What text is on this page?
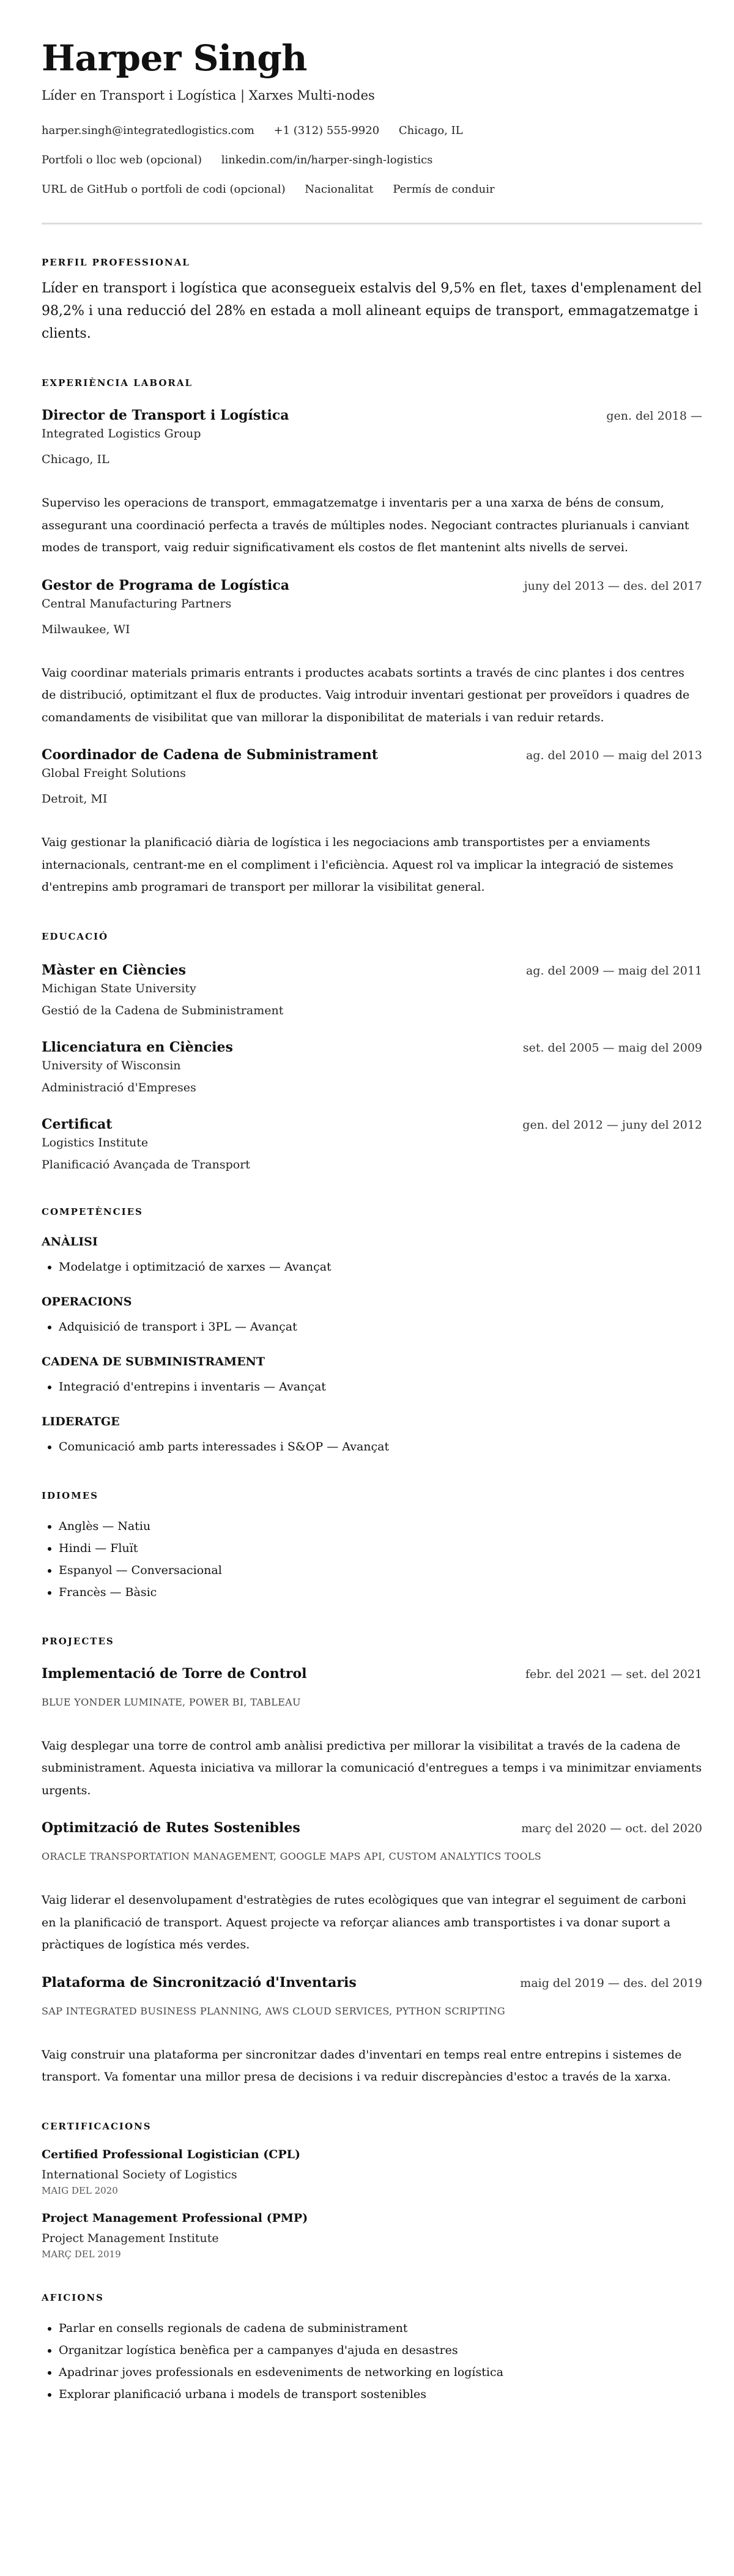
Harper Singh
Líder en Transport i Logística | Xarxes Multi-nodes
harper.singh@integratedlogistics.com +1 (312) 555-9920 Chicago, IL
Portfoli o lloc web (opcional) linkedin.com/in/harper-singh-logistics
URL de GitHub o portfoli de codi (opcional) Nacionalitat Permís de conduir
PERFIL PROFESSIONAL
Líder en transport i logística que aconsegueix estalvis del 9,5% en flet, taxes d'emplenament del 98,2% i una reducció del 28% en estada a moll alineant equips de transport, emmagatzematge i clients.
EXPERIÈNCIA LABORAL
Director de Transport i Logística	gen. del 2018 —
Integrated Logistics Group
Chicago, IL
Superviso les operacions de transport, emmagatzematge i inventaris per a una xarxa de béns de consum, assegurant una coordinació perfecta a través de múltiples nodes. Negociant contractes plurianuals i canviant modes de transport, vaig reduir significativament els costos de flet mantenint alts nivells de servei.
Gestor de Programa de Logística	juny del 2013 — des. del 2017
Central Manufacturing Partners
Milwaukee, WI
Vaig coordinar materials primaris entrants i productes acabats sortints a través de cinc plantes i dos centres de distribució, optimitzant el flux de productes. Vaig introduir inventari gestionat per proveïdors i quadres de comandaments de visibilitat que van millorar la disponibilitat de materials i van reduir retards.
Coordinador de Cadena de Subministrament	ag. del 2010 — maig del 2013
Global Freight Solutions
Detroit, MI
Vaig gestionar la planificació diària de logística i les negociacions amb transportistes per a enviaments internacionals, centrant-me en el compliment i l'eficiència. Aquest rol va implicar la integració de sistemes d'entrepins amb programari de transport per millorar la visibilitat general.
EDUCACIÓ
Màster en Ciències	ag. del 2009 — maig del 2011
Michigan State University
Gestió de la Cadena de Subministrament
Llicenciatura en Ciències	set. del 2005 — maig del 2009
University of Wisconsin
Administració d'Empreses
Certificat	gen. del 2012 — juny del 2012
Logistics Institute
Planificació Avançada de Transport
COMPETÈNCIES
ANÀLISI
• Modelatge i optimització de xarxes — Avançat
OPERACIONS
• Adquisició de transport i 3PL — Avançat
CADENA DE SUBMINISTRAMENT
• Integració d'entrepins i inventaris — Avançat
LIDERATGE
• Comunicació amb parts interessades i S&OP — Avançat
IDIOMES
• Anglès — Natiu
• Hindi — Fluït
• Espanyol — Conversacional
• Francès — Bàsic
PROJECTES
Implementació de Torre de Control	febr. del 2021 — set. del 2021
BLUE YONDER LUMINATE, POWER BI, TABLEAU
Vaig desplegar una torre de control amb anàlisi predictiva per millorar la visibilitat a través de la cadena de subministrament. Aquesta iniciativa va millorar la comunicació d'entregues a temps i va minimitzar enviaments urgents.
Optimització de Rutes Sostenibles	març del 2020 — oct. del 2020
ORACLE TRANSPORTATION MANAGEMENT, GOOGLE MAPS API, CUSTOM ANALYTICS TOOLS
Vaig liderar el desenvolupament d'estratègies de rutes ecològiques que van integrar el seguiment de carboni en la planificació de transport. Aquest projecte va reforçar aliances amb transportistes i va donar suport a pràctiques de logística més verdes.
Plataforma de Sincronització d'Inventaris	maig del 2019 — des. del 2019
SAP INTEGRATED BUSINESS PLANNING, AWS CLOUD SERVICES, PYTHON SCRIPTING
Vaig construir una plataforma per sincronitzar dades d'inventari en temps real entre entrepins i sistemes de transport. Va fomentar una millor presa de decisions i va reduir discrepàncies d'estoc a través de la xarxa.
CERTIFICACIONS
Certified Professional Logistician (CPL)
International Society of Logistics
MAIG DEL 2020
Project Management Professional (PMP)
Project Management Institute
MARÇ DEL 2019
AFICIONS
• Parlar en consells regionals de cadena de subministrament
• Organitzar logística benèfica per a campanyes d'ajuda en desastres
• Apadrinar joves professionals en esdeveniments de networking en logística
• Explorar planificació urbana i models de transport sostenibles
